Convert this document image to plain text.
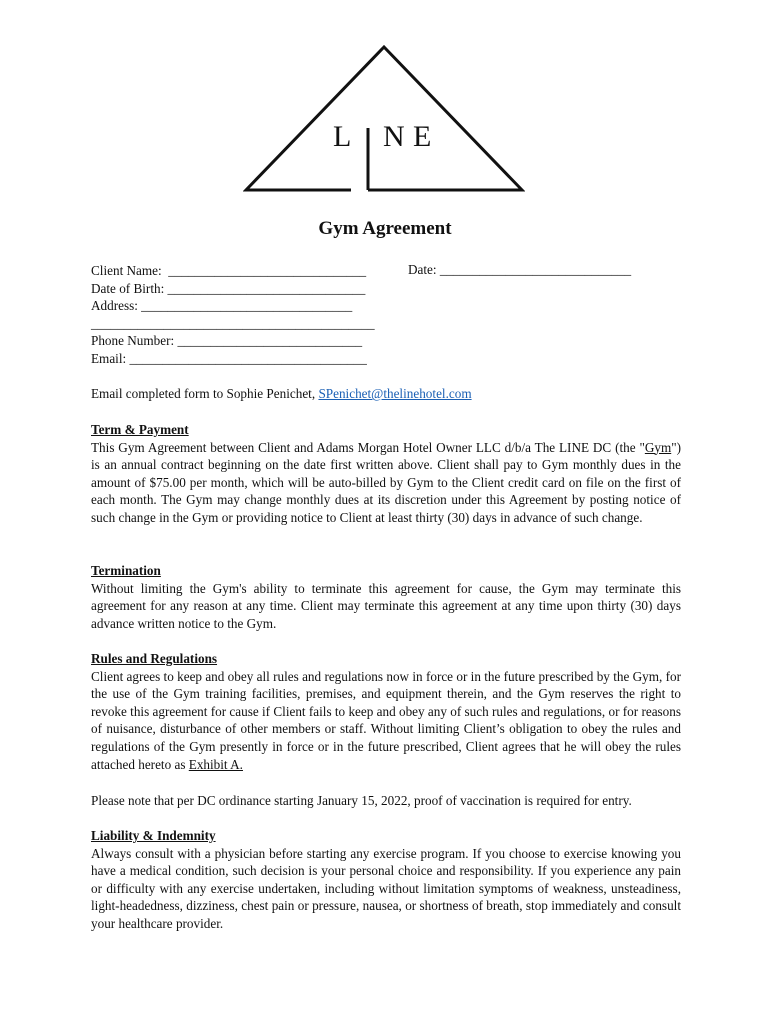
L N E
Gym Agreement
Client Name:  ______________________________
Date of Birth: ______________________________
Address: ________________________________
___________________________________________
Phone Number: ____________________________
Email: ____________________________________
Date: _____________________________
Email completed form to Sophie Penichet, SPenichet@thelinehotel.com
Term & Payment

This Gym Agreement between Client and Adams Morgan Hotel Owner LLC d/b/a The LINE DC (the "Gym") is an annual contract beginning on the date first written above. Client shall pay to Gym monthly dues in the amount of $75.00 per month, which will be auto-billed by Gym to the Client credit card on file on the first of each month. The Gym may change monthly dues at its discretion under this Agreement by posting notice of such change in the Gym or providing notice to Client at least thirty (30) days in advance of such change.

Termination

Without limiting the Gym's ability to terminate this agreement for cause, the Gym may terminate this agreement for any reason at any time. Client may terminate this agreement at any time upon thirty (30) days advance written notice to the Gym.

Rules and Regulations

Client agrees to keep and obey all rules and regulations now in force or in the future prescribed by the Gym, for the use of the Gym training facilities, premises, and equipment therein, and the Gym reserves the right to revoke this agreement for cause if Client fails to keep and obey any of such rules and regulations, or for reasons of nuisance, disturbance of other members or staff. Without limiting Client’s obligation to obey the rules and regulations of the Gym presently in force or in the future prescribed, Client agrees that he will obey the rules attached hereto as Exhibit A.

Please note that per DC ordinance starting January 15, 2022, proof of vaccination is required for entry.
Liability & Indemnity

Always consult with a physician before starting any exercise program. If you choose to exercise knowing you have a medical condition, such decision is your personal choice and responsibility. If you experience any pain or difficulty with any exercise undertaken, including without limitation symptoms of weakness, unsteadiness, light-headedness, dizziness, chest pain or pressure, nausea, or shortness of breath, stop immediately and consult your healthcare provider.
